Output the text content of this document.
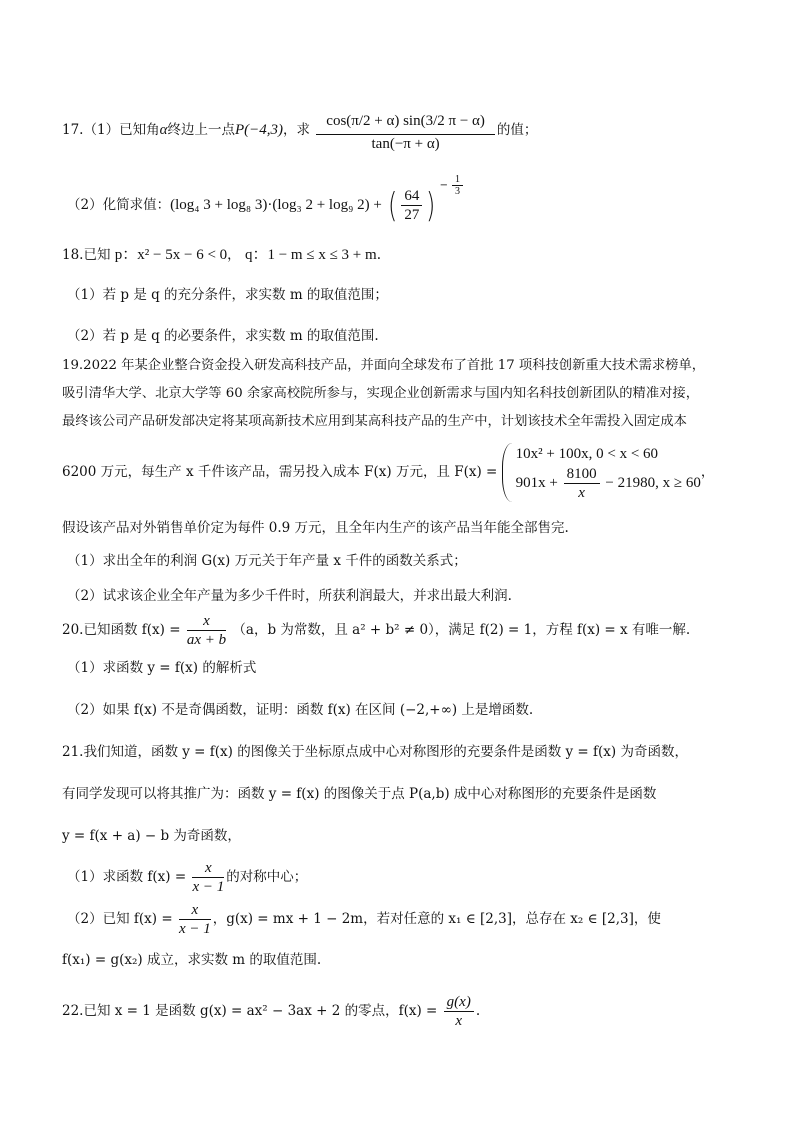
17.（1）已知角α终边上一点P(−4,3)，求 $\frac{\cos(\pi/2 + \alpha) \sin(3/2 \pi - \alpha)}{\tan(-\pi + \alpha)}$ 的值；
（2）化简求值：(log₄ 3 + log₈ 3)·(log₃ 2 + log₉ 2) + ( $\frac{64}{27}$ ) − $\frac{1}{3}$
18.已知 p：x² − 5x − 6 < 0， q：1 − m ≤ x ≤ 3 + m.
（1）若 p 是 q 的充分条件，求实数 m 的取值范围；
（2）若 p 是 q 的必要条件，求实数 m 的取值范围.
19.2022 年某企业整合资金投入研发高科技产品，并面向全球发布了首批 17 项科技创新重大技术需求榜单，
吸引清华大学、北京大学等 60 余家高校院所参与，实现企业创新需求与国内知名科技创新团队的精准对接，
最终该公司产品研发部决定将某项高新技术应用到某高科技产品的生产中，计划该技术全年需投入固定成本
6200 万元，每生产 x 千件该产品，需另投入成本 F(x) 万元，且 F(x) =
10x² + 100x, 0 < x < 60
$901x + \frac{8100}{x} - 21980$, x ≥ 60
，
假设该产品对外销售单价定为每件 0.9 万元，且全年内生产的该产品当年能全部售完.
（1）求出全年的利润 G(x) 万元关于年产量 x 千件的函数关系式；
（2）试求该企业全年产量为多少千件时，所获利润最大，并求出最大利润.
20.已知函数 $f(x) = \frac{x}{ax + b} (a$，b 为常数，且 a² + b² ≠ 0），满足 f(2) = 1，方程 f(x) = x 有唯一解.
（1）求函数 y = f(x) 的解析式
（2）如果 f(x) 不是奇偶函数，证明：函数 f(x) 在区间 (−2,+∞) 上是增函数.
21.我们知道，函数 y = f(x) 的图像关于坐标原点成中心对称图形的充要条件是函数 y = f(x) 为奇函数，
有同学发现可以将其推广为：函数 y = f(x) 的图像关于点 P(a,b) 成中心对称图形的充要条件是函数
y = f(x + a) − b 为奇函数，
（1）求函数 $f(x) = \frac{x}{x - 1}$ 的对称中心；
（2）已知 $f(x) = \frac{x}{x - 1}$ ，g(x) = mx + 1 − 2m，若对任意的 x₁ ∈ [2,3]，总存在 x₂ ∈ [2,3]，使
f(x₁) = g(x₂) 成立，求实数 m 的取值范围.
22.已知 x = 1 是函数 g(x) = ax² − 3ax + 2 的零点，$f(x) = \frac{g(x)}{x}$ .
